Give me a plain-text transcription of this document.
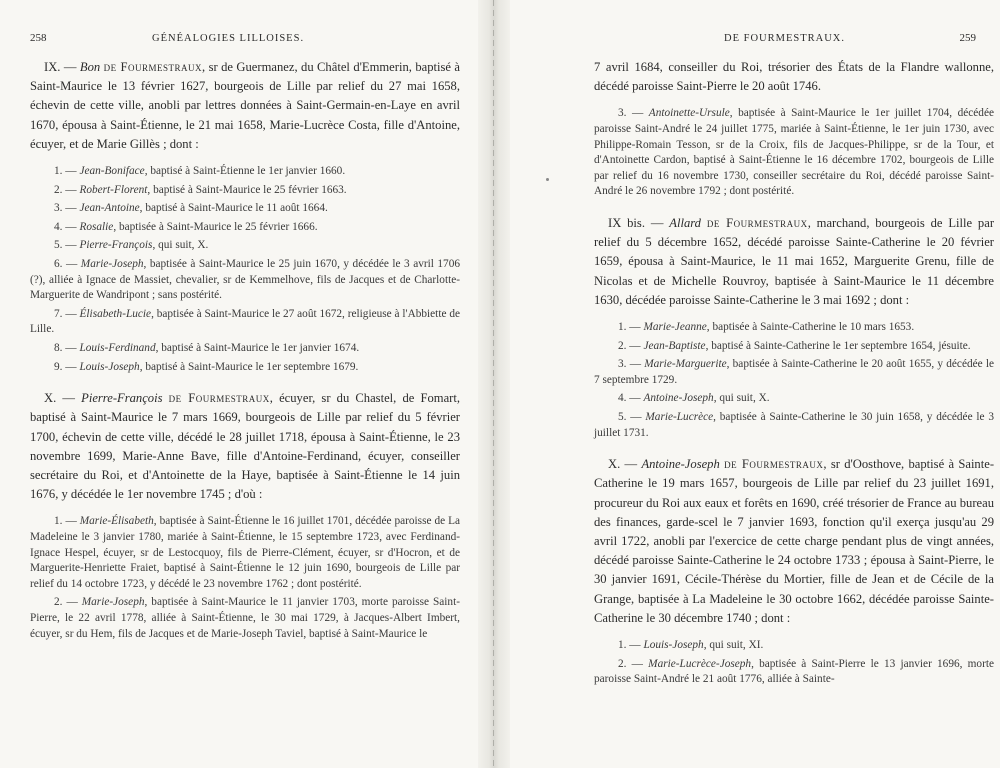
258	GÉNÉALOGIES LILLOISES.

IX. — Bon de Fourmestraux, sr de Guermanez, du Châtel d'Emmerin, baptisé à Saint-Maurice le 13 février 1627, bourgeois de Lille par relief du 27 mai 1658, échevin de cette ville, anobli par lettres données à Saint-Germain-en-Laye en avril 1670, épousa à Saint-Étienne, le 21 mai 1658, Marie-Lucrèce Costa, fille d'Antoine, écuyer, et de Marie Gillès ; dont :

1. — Jean-Boniface, baptisé à Saint-Étienne le 1er janvier 1660.

2. — Robert-Florent, baptisé à Saint-Maurice le 25 février 1663.

3. — Jean-Antoine, baptisé à Saint-Maurice le 11 août 1664.

4. — Rosalie, baptisée à Saint-Maurice le 25 février 1666.

5. — Pierre-François, qui suit, X.

6. — Marie-Joseph, baptisée à Saint-Maurice le 25 juin 1670, y décédée le 3 avril 1706 (?), alliée à Ignace de Massiet, chevalier, sr de Kemmelhove, fils de Jacques et de Charlotte-Marguerite de Wandripont ; sans postérité.

7. — Élisabeth-Lucie, baptisée à Saint-Maurice le 27 août 1672, religieuse à l'Abbiette de Lille.

8. — Louis-Ferdinand, baptisé à Saint-Maurice le 1er janvier 1674.

9. — Louis-Joseph, baptisé à Saint-Maurice le 1er septembre 1679.

X. — Pierre-François de Fourmestraux, écuyer, sr du Chastel, de Fomart, baptisé à Saint-Maurice le 7 mars 1669, bourgeois de Lille par relief du 5 février 1700, échevin de cette ville, décédé le 28 juillet 1718, épousa à Saint-Étienne, le 23 novembre 1699, Marie-Anne Bave, fille d'Antoine-Ferdinand, écuyer, conseiller secrétaire du Roi, et d'Antoinette de la Haye, baptisée à Saint-Étienne le 14 juin 1676, y décédée le 1er novembre 1745 ; d'où :

1. — Marie-Élisabeth, baptisée à Saint-Étienne le 16 juillet 1701, décédée paroisse de La Madeleine le 3 janvier 1780, mariée à Saint-Étienne, le 15 septembre 1723, avec Ferdinand-Ignace Hespel, écuyer, sr de Lestocquoy, fils de Pierre-Clément, écuyer, sr d'Hocron, et de Marguerite-Henriette Fraiet, baptisé à Saint-Étienne le 12 juin 1690, bourgeois de Lille par relief du 14 octobre 1723, y décédé le 23 novembre 1762 ; dont postérité.

2. — Marie-Joseph, baptisée à Saint-Maurice le 11 janvier 1703, morte paroisse Saint-Pierre, le 22 avril 1778, alliée à Saint-Étienne, le 30 mai 1729, à Jacques-Albert Imbert, écuyer, sr du Hem, fils de Jacques et de Marie-Joseph Taviel, baptisé à Saint-Maurice le

DE FOURMESTRAUX.	259

7 avril 1684, conseiller du Roi, trésorier des États de la Flandre wallonne, décédé paroisse Saint-Pierre le 20 août 1746.

3. — Antoinette-Ursule, baptisée à Saint-Maurice le 1er juillet 1704, décédée paroisse Saint-André le 24 juillet 1775, mariée à Saint-Étienne, le 1er juin 1730, avec Philippe-Romain Tesson, sr de la Croix, fils de Jacques-Philippe, sr de la Tour, et d'Antoinette Cardon, baptisé à Saint-Étienne le 16 décembre 1702, bourgeois de Lille par relief du 16 novembre 1730, conseiller secrétaire du Roi, décédé paroisse Saint-André le 26 novembre 1792 ; dont postérité.

IX bis. — Allard de Fourmestraux, marchand, bourgeois de Lille par relief du 5 décembre 1652, décédé paroisse Sainte-Catherine le 20 février 1659, épousa à Saint-Maurice, le 11 mai 1652, Marguerite Grenu, fille de Nicolas et de Michelle Rouvroy, baptisée à Saint-Maurice le 11 décembre 1630, décédée paroisse Sainte-Catherine le 3 mai 1692 ; dont :

1. — Marie-Jeanne, baptisée à Sainte-Catherine le 10 mars 1653.

2. — Jean-Baptiste, baptisé à Sainte-Catherine le 1er septembre 1654, jésuite.

3. — Marie-Marguerite, baptisée à Sainte-Catherine le 20 août 1655, y décédée le 7 septembre 1729.

4. — Antoine-Joseph, qui suit, X.

5. — Marie-Lucrèce, baptisée à Sainte-Catherine le 30 juin 1658, y décédée le 3 juillet 1731.

X. — Antoine-Joseph de Fourmestraux, sr d'Oosthove, baptisé à Sainte-Catherine le 19 mars 1657, bourgeois de Lille par relief du 23 juillet 1691, procureur du Roi aux eaux et forêts en 1690, créé trésorier de France au bureau des finances, garde-scel le 7 janvier 1693, fonction qu'il exerça jusqu'au 29 avril 1722, anobli par l'exercice de cette charge pendant plus de vingt années, décédé paroisse Sainte-Catherine le 24 octobre 1733 ; épousa à Saint-Pierre, le 30 janvier 1691, Cécile-Thérèse du Mortier, fille de Jean et de Cécile de la Grange, baptisée à La Madeleine le 30 octobre 1662, décédée paroisse Sainte-Catherine le 30 décembre 1740 ; dont :

1. — Louis-Joseph, qui suit, XI.

2. — Marie-Lucrèce-Joseph, baptisée à Saint-Pierre le 13 janvier 1696, morte paroisse Saint-André le 21 août 1776, alliée à Sainte-
